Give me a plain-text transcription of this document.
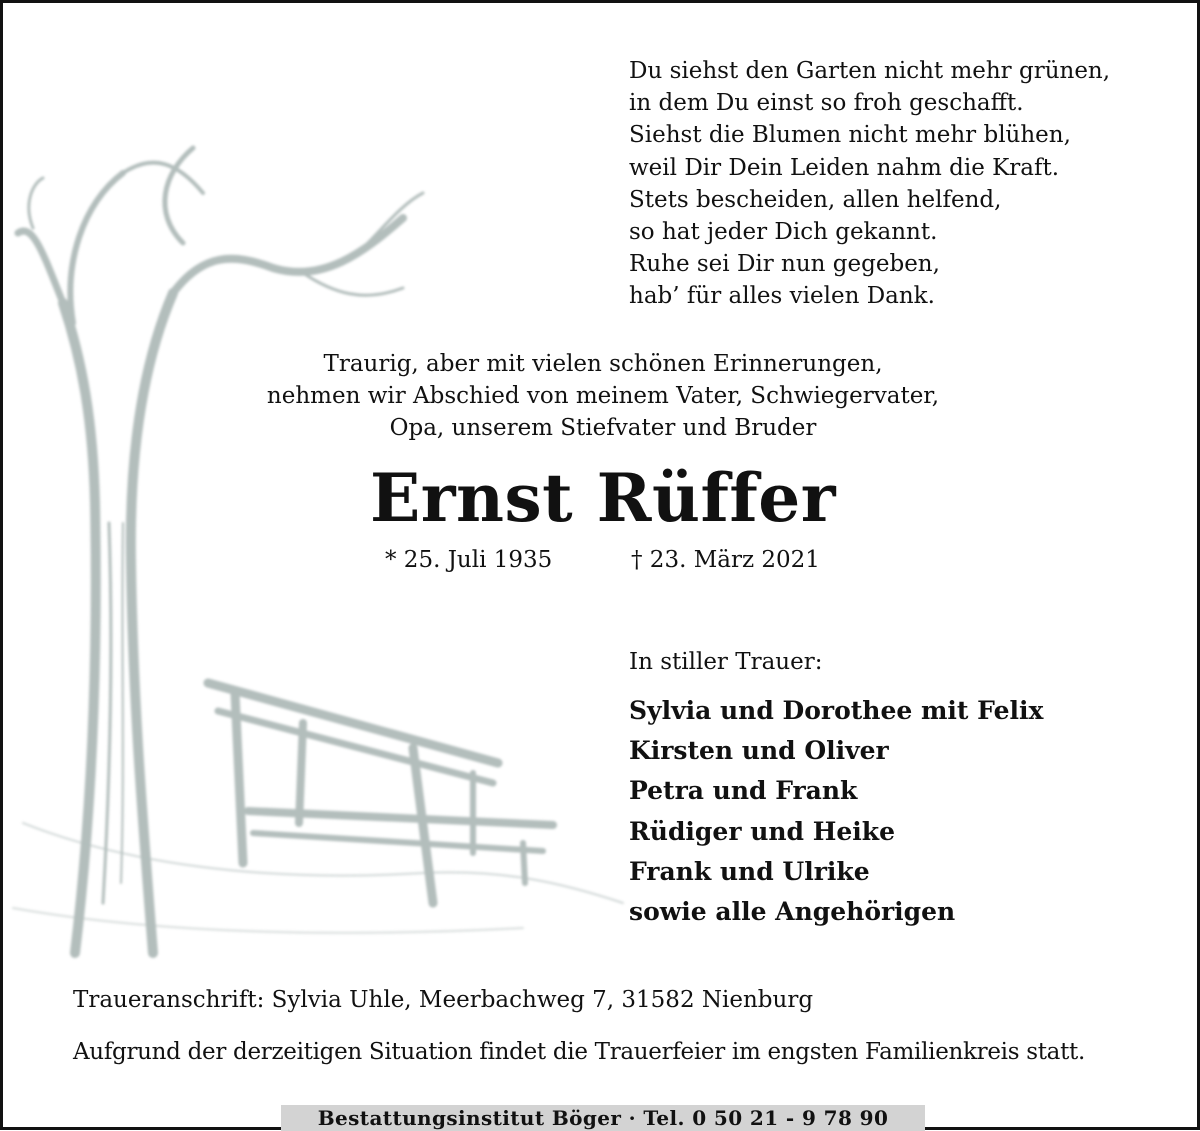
Du siehst den Garten nicht mehr grünen,
in dem Du einst so froh geschafft.
Siehst die Blumen nicht mehr blühen,
weil Dir Dein Leiden nahm die Kraft.
Stets bescheiden, allen helfend,
so hat jeder Dich gekannt.
Ruhe sei Dir nun gegeben,
hab’ für alles vielen Dank.
Traurig, aber mit vielen schönen Erinnerungen,
nehmen wir Abschied von meinem Vater, Schwiegervater,
Opa, unserem Stiefvater und Bruder
Ernst Rüffer
* 25. Juli 1935	† 23. März 2021
In stiller Trauer:
Sylvia und Dorothee mit Felix
Kirsten und Oliver
Petra und Frank
Rüdiger und Heike
Frank und Ulrike
sowie alle Angehörigen
Traueranschrift: Sylvia Uhle, Meerbachweg 7, 31582 Nienburg
Aufgrund der derzeitigen Situation findet die Trauerfeier im engsten Familienkreis statt.
Bestattungsinstitut Böger · Tel. 0 50 21 - 9 78 90
